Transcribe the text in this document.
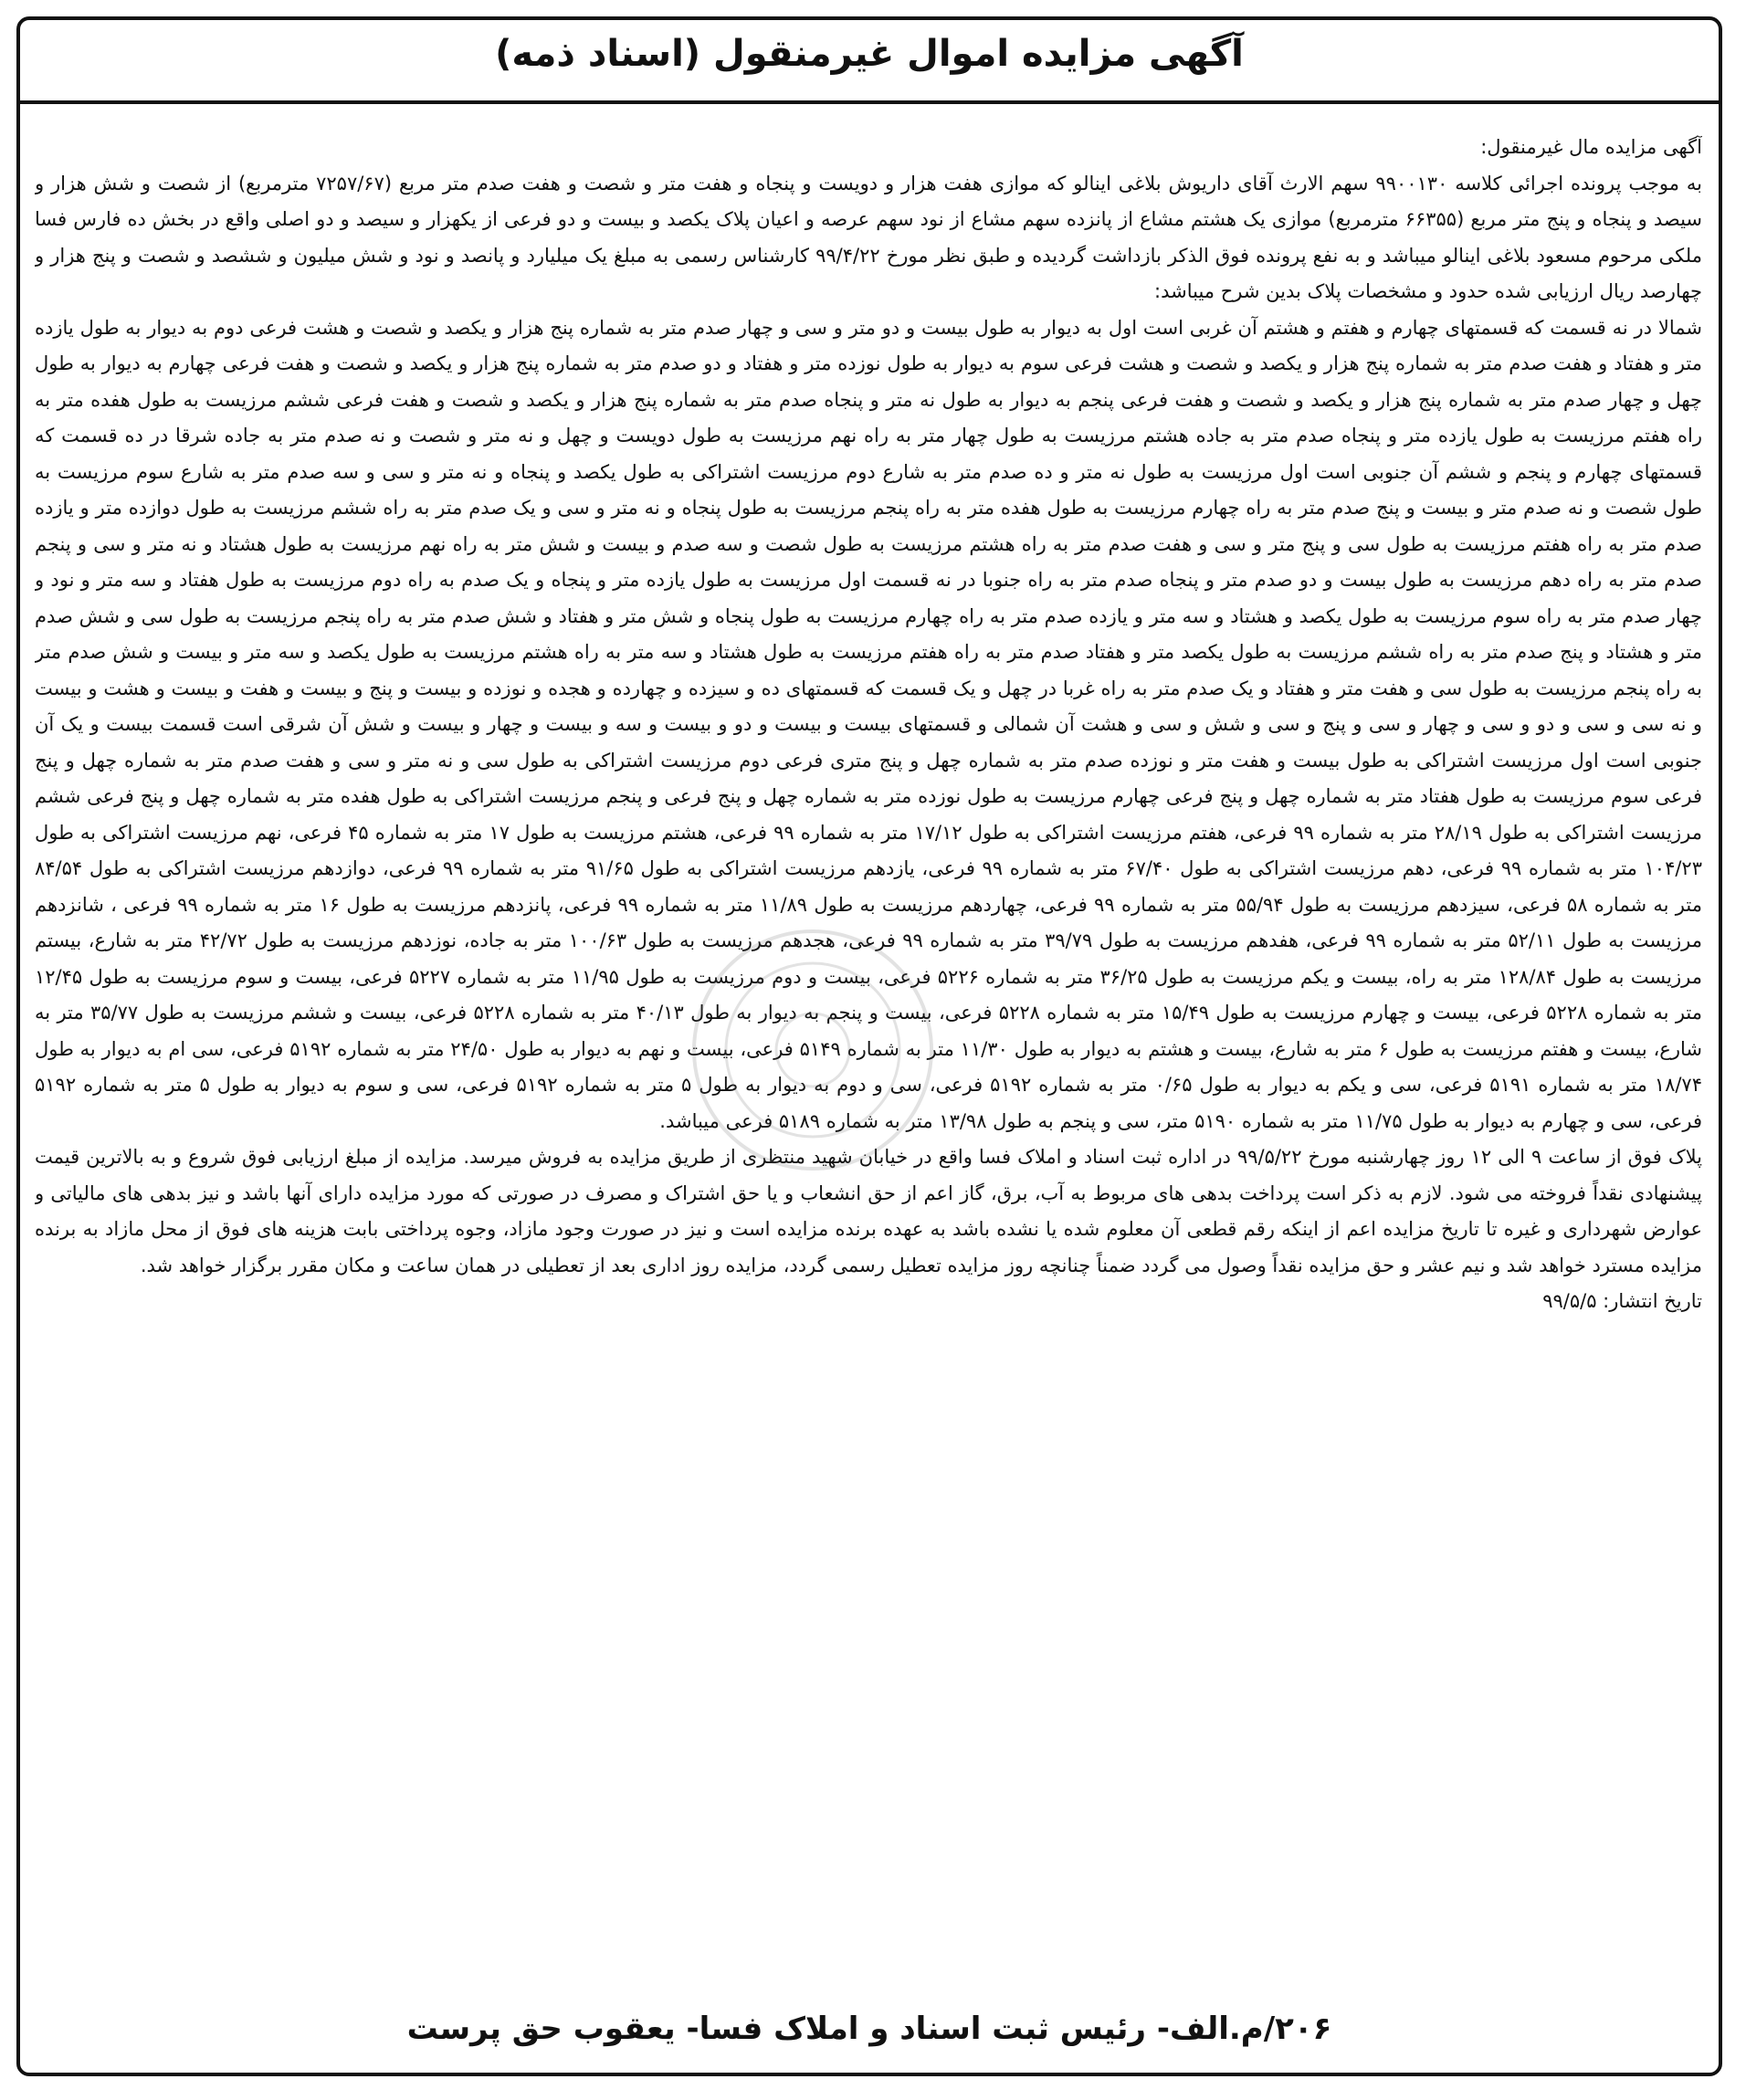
آگهی مزایده اموال غیرمنقول (اسناد ذمه)

آگهی مزایده مال غیرمنقول:

به موجب پرونده اجرائی کلاسه ۹۹۰۰۱۳۰ سهم الارث آقای داریوش بلاغی اینالو که موازی هفت هزار و دویست و پنجاه و هفت متر و شصت و هفت صدم متر مربع (۷۲۵۷/۶۷ مترمربع) از شصت و شش هزار و سیصد و پنجاه و پنج متر مربع (۶۶۳۵۵ مترمربع) موازی یک هشتم مشاع از پانزده سهم مشاع از نود سهم عرصه و اعیان پلاک یکصد و بیست و دو فرعی از یکهزار و سیصد و دو اصلی واقع در بخش ده فارس فسا ملکی مرحوم مسعود بلاغی اینالو میباشد و به نفع پرونده فوق الذکر بازداشت گردیده و طبق نظر مورخ ۹۹/۴/۲۲ کارشناس رسمی به مبلغ یک میلیارد و پانصد و نود و شش میلیون و ششصد و شصت و پنج هزار و چهارصد ریال ارزیابی شده حدود و مشخصات پلاک بدین شرح میباشد:

شمالا در نه قسمت که قسمتهای چهارم و هفتم و هشتم آن غربی است اول به دیوار به طول بیست و دو متر و سی و چهار صدم متر به شماره پنج هزار و یکصد و شصت و هشت فرعی دوم به دیوار به طول یازده متر و هفتاد و هفت صدم متر به شماره پنج هزار و یکصد و شصت و هشت فرعی سوم به دیوار به طول نوزده متر و هفتاد و دو صدم متر به شماره پنج هزار و یکصد و شصت و هفت فرعی چهارم به دیوار به طول چهل و چهار صدم متر به شماره پنج هزار و یکصد و شصت و هفت فرعی پنجم به دیوار به طول نه متر و پنجاه صدم متر به شماره پنج هزار و یکصد و شصت و هفت فرعی ششم مرزیست به طول هفده متر به راه هفتم مرزیست به طول یازده متر و پنجاه صدم متر به جاده هشتم مرزیست به طول چهار متر به راه نهم مرزیست به طول دویست و چهل و نه متر و شصت و نه صدم متر به جاده شرقا در ده قسمت که قسمتهای چهارم و پنجم و ششم آن جنوبی است اول مرزیست به طول نه متر و ده صدم متر به شارع دوم مرزیست اشتراکی به طول یکصد و پنجاه و نه متر و سی و سه صدم متر به شارع سوم مرزیست به طول شصت و نه صدم متر و بیست و پنج صدم متر به راه چهارم مرزیست به طول هفده متر به راه پنجم مرزیست به طول پنجاه و نه متر و سی و یک صدم متر به راه ششم مرزیست به طول دوازده متر و یازده صدم متر به راه هفتم مرزیست به طول سی و پنج متر و سی و هفت صدم متر به راه هشتم مرزیست به طول شصت و سه صدم و بیست و شش متر به راه نهم مرزیست به طول هشتاد و نه متر و سی و پنجم صدم متر به راه دهم مرزیست به طول بیست و دو صدم متر و پنجاه صدم متر به راه جنوبا در نه قسمت اول مرزیست به طول یازده متر و پنجاه و یک صدم به راه دوم مرزیست به طول هفتاد و سه متر و نود و چهار صدم متر به راه سوم مرزیست به طول یکصد و هشتاد و سه متر و یازده صدم متر به راه چهارم مرزیست به طول پنجاه و شش متر و هفتاد و شش صدم متر به راه پنجم مرزیست به طول سی و شش صدم متر و هشتاد و پنج صدم متر به راه ششم مرزیست به طول یکصد متر و هفتاد صدم متر به راه هفتم مرزیست به طول هشتاد و سه متر به راه هشتم مرزیست به طول یکصد و سه متر و بیست و شش صدم متر به راه پنجم مرزیست به طول سی و هفت متر و هفتاد و یک صدم متر به راه غربا در چهل و یک قسمت که قسمتهای ده و سیزده و چهارده و هجده و نوزده و بیست و پنج و بیست و هفت و بیست و هشت و بیست و نه سی و سی و دو و سی و چهار و سی و پنج و سی و شش و سی و هشت آن شمالی و قسمتهای بیست و بیست و دو و بیست و سه و بیست و چهار و بیست و شش آن شرقی است قسمت بیست و یک آن جنوبی است اول مرزیست اشتراکی به طول بیست و هفت متر و نوزده صدم متر به شماره چهل و پنج متری فرعی دوم مرزیست اشتراکی به طول سی و نه متر و سی و هفت صدم متر به شماره چهل و پنج فرعی سوم مرزیست به طول هفتاد متر به شماره چهل و پنج فرعی چهارم مرزیست به طول نوزده متر به شماره چهل و پنج فرعی و پنجم مرزیست اشتراکی به طول هفده متر به شماره چهل و پنج فرعی ششم مرزیست اشتراکی به طول ۲۸/۱۹ متر به شماره ۹۹ فرعی، هفتم مرزیست اشتراکی به طول ۱۷/۱۲ متر به شماره ۹۹ فرعی، هشتم مرزیست به طول ۱۷ متر به شماره ۴۵ فرعی، نهم مرزیست اشتراکی به طول ۱۰۴/۲۳ متر به شماره ۹۹ فرعی، دهم مرزیست اشتراکی به طول ۶۷/۴۰ متر به شماره ۹۹ فرعی، یازدهم مرزیست اشتراکی به طول ۹۱/۶۵ متر به شماره ۹۹ فرعی، دوازدهم مرزیست اشتراکی به طول ۸۴/۵۴ متر به شماره ۵۸ فرعی، سیزدهم مرزیست به طول ۵۵/۹۴ متر به شماره ۹۹ فرعی، چهاردهم مرزیست به طول ۱۱/۸۹ متر به شماره ۹۹ فرعی، پانزدهم مرزیست به طول ۱۶ متر به شماره ۹۹ فرعی ، شانزدهم مرزیست به طول ۵۲/۱۱ متر به شماره ۹۹ فرعی، هفدهم مرزیست به طول ۳۹/۷۹ متر به شماره ۹۹ فرعی، هجدهم مرزیست به طول ۱۰۰/۶۳ متر به جاده، نوزدهم مرزیست به طول ۴۲/۷۲ متر به شارع، بیستم مرزیست به طول ۱۲۸/۸۴ متر به راه، بیست و یکم مرزیست به طول ۳۶/۲۵ متر به شماره ۵۲۲۶ فرعی، بیست و دوم مرزیست به طول ۱۱/۹۵ متر به شماره ۵۲۲۷ فرعی، بیست و سوم مرزیست به طول ۱۲/۴۵ متر به شماره ۵۲۲۸ فرعی، بیست و چهارم مرزیست به طول ۱۵/۴۹ متر به شماره ۵۲۲۸ فرعی، بیست و پنجم به دیوار به طول ۴۰/۱۳ متر به شماره ۵۲۲۸ فرعی، بیست و ششم مرزیست به طول ۳۵/۷۷ متر به شارع، بیست و هفتم مرزیست به طول ۶ متر به شارع، بیست و هشتم به دیوار به طول ۱۱/۳۰ متر به شماره ۵۱۴۹ فرعی، بیست و نهم به دیوار به طول ۲۴/۵۰ متر به شماره ۵۱۹۲ فرعی، سی ام به دیوار به طول ۱۸/۷۴ متر به شماره ۵۱۹۱ فرعی، سی و یکم به دیوار به طول ۰/۶۵ متر به شماره ۵۱۹۲ فرعی، سی و دوم به دیوار به طول ۵ متر به شماره ۵۱۹۲ فرعی، سی و سوم به دیوار به طول ۵ متر به شماره ۵۱۹۲ فرعی، سی و چهارم به دیوار به طول ۱۱/۷۵ متر به شماره ۵۱۹۰ متر، سی و پنجم به طول ۱۳/۹۸ متر به شماره ۵۱۸۹ فرعی میباشد.

پلاک فوق از ساعت ۹ الی ۱۲ روز چهارشنبه مورخ ۹۹/۵/۲۲ در اداره ثبت اسناد و املاک فسا واقع در خیابان شهید منتظری از طریق مزایده به فروش میرسد. مزایده از مبلغ ارزیابی فوق شروع و به بالاترین قیمت پیشنهادی نقداً فروخته می شود. لازم به ذکر است پرداخت بدهی های مربوط به آب، برق، گاز اعم از حق انشعاب و یا حق اشتراک و مصرف در صورتی که مورد مزایده دارای آنها باشد و نیز بدهی های مالیاتی و عوارض شهرداری و غیره تا تاریخ مزایده اعم از اینکه رقم قطعی آن معلوم شده یا نشده باشد به عهده برنده مزایده است و نیز در صورت وجود مازاد، وجوه پرداختی بابت هزینه های فوق از محل مازاد به برنده مزایده مسترد خواهد شد و نیم عشر و حق مزایده نقداً وصول می گردد ضمناً چنانچه روز مزایده تعطیل رسمی گردد، مزایده روز اداری بعد از تعطیلی در همان ساعت و مکان مقرر برگزار خواهد شد.

تاریخ انتشار: ۹۹/۵/۵

۲۰۶/م.الف- رئیس ثبت اسناد و املاک فسا- یعقوب حق پرست
